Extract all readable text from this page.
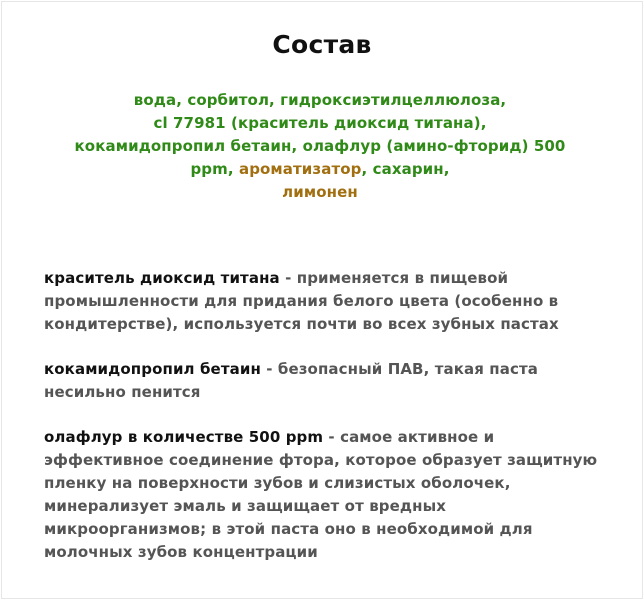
Состав
вода, сорбитол, гидроксиэтилцеллюлоза,
cl 77981 (краситель диоксид титана),
кокамидопропил бетаин, олафлур (амино-фторид) 500 ppm, ароматизатор, сахарин,
лимонен

краситель диоксид титана - применяется в пищевой промышленности для придания белого цвета (особенно в кондитерстве), используется почти во всех зубных пастах

кокамидопропил бетаин - безопасный ПАВ, такая паста несильно пенится

олафлур в количестве 500 ppm - самое активное и эффективное соединение фтора, которое образует защитную пленку на поверхности зубов и слизистых оболочек, минерализует эмаль и защищает от вредных микроорганизмов; в этой паста оно в необходимой для молочных зубов концентрации
